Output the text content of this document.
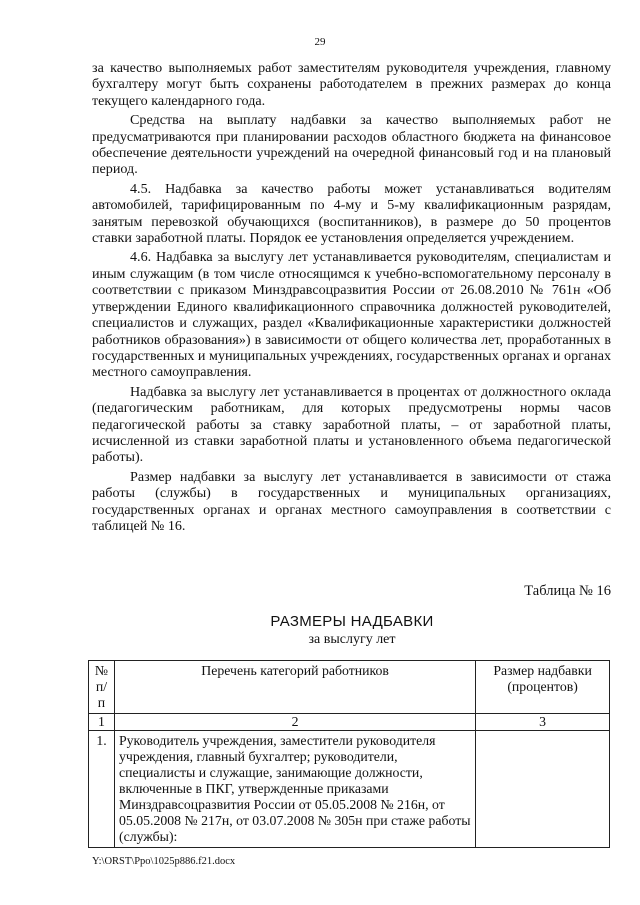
29

за качество выполняемых работ заместителям руководителя учреждения, главному бухгалтеру могут быть сохранены работодателем в прежних размерах до конца текущего календарного года.

Средства на выплату надбавки за качество выполняемых работ не предусматриваются при планировании расходов областного бюджета на финансовое обеспечение деятельности учреждений на очередной финансовый год и на плановый период.

4.5. Надбавка за качество работы может устанавливаться водителям автомобилей, тарифицированным по 4-му и 5-му квалификационным разрядам, занятым перевозкой обучающихся (воспитанников), в размере до 50 процентов ставки заработной платы. Порядок ее установления определяется учреждением.

4.6. Надбавка за выслугу лет устанавливается руководителям, специалистам и иным служащим (в том числе относящимся к учебно-вспомогательному персоналу в соответствии с приказом Минздравсоцразвития России от 26.08.2010 № 761н «Об утверждении Единого квалификационного справочника должностей руководителей, специалистов и служащих, раздел «Квалификационные характеристики должностей работников образования») в зависимости от общего количества лет, проработанных в государственных и муниципальных учреждениях, государственных органах и органах местного самоуправления.

Надбавка за выслугу лет устанавливается в процентах от должностного оклада (педагогическим работникам, для которых предусмотрены нормы часов педагогической работы за ставку заработной платы, – от заработной платы, исчисленной из ставки заработной платы и установленного объема педагогической работы).

Размер надбавки за выслугу лет устанавливается в зависимости от стажа работы (службы) в государственных и муниципальных организациях, государственных органах и органах местного самоуправления в соответствии с таблицей № 16.

Таблица № 16
РАЗМЕРЫ НАДБАВКИ
за выслугу лет
№ п/п	Перечень категорий работников	Размер надбавки (процентов)
1	2	3
1.	Руководитель учреждения, заместители руководителя учреждения, главный бухгалтер; руководители, специалисты и служащие, занимающие должности, включенные в ПКГ, утвержденные приказами Минздравсоцразвития России от 05.05.2008 № 216н, от 05.05.2008 № 217н, от 03.07.2008 № 305н при стаже работы (службы):	
Y:\ORST\Ppo\1025p886.f21.docx
